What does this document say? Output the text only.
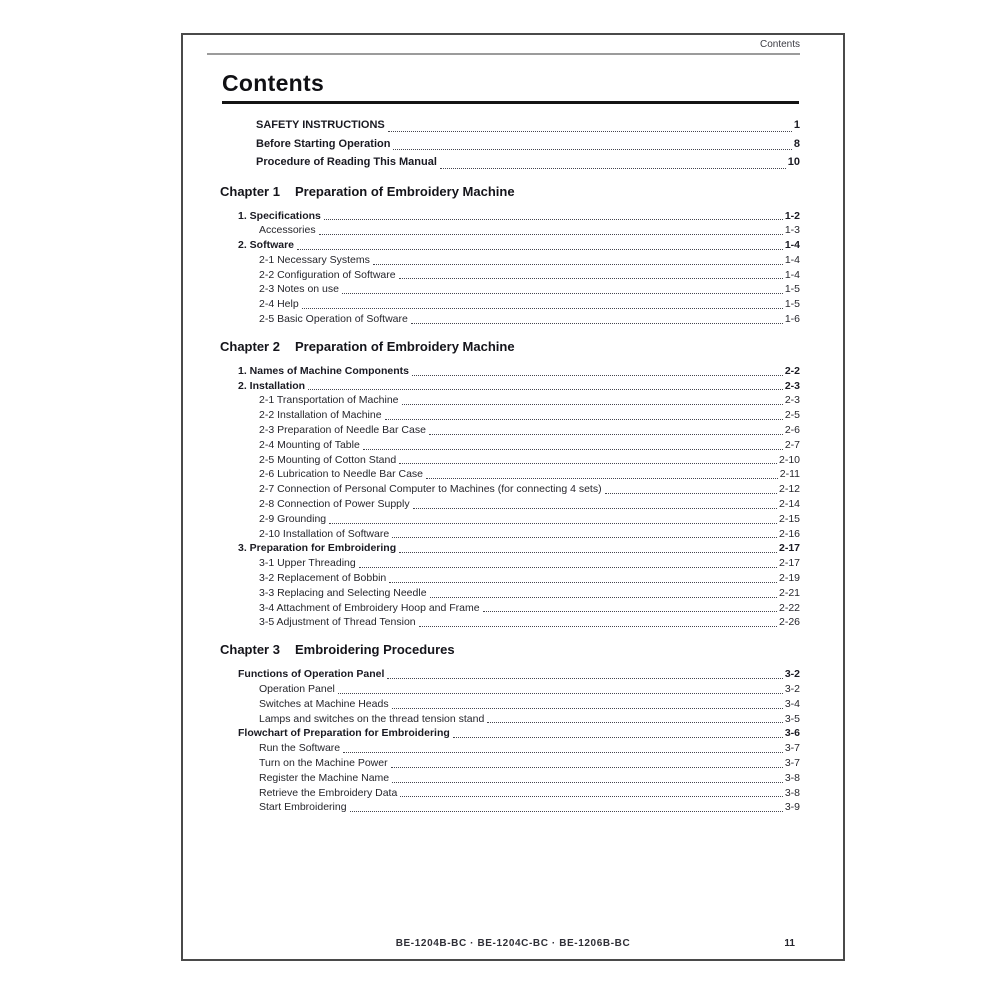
Contents
Contents
SAFETY INSTRUCTIONS	1
Before Starting Operation	8
Procedure of Reading This Manual	10
Chapter 1 Preparation of Embroidery Machine
1. Specifications	1-2
Accessories	1-3
2. Software	1-4
2-1 Necessary Systems	1-4
2-2 Configuration of Software	1-4
2-3 Notes on use	1-5
2-4 Help	1-5
2-5 Basic Operation of Software	1-6
Chapter 2 Preparation of Embroidery Machine
1. Names of Machine Components	2-2
2. Installation	2-3
2-1 Transportation of Machine	2-3
2-2 Installation of Machine	2-5
2-3 Preparation of Needle Bar Case	2-6
2-4 Mounting of Table	2-7
2-5 Mounting of Cotton Stand	2-10
2-6 Lubrication to Needle Bar Case	2-11
2-7 Connection of Personal Computer to Machines (for connecting 4 sets)	2-12
2-8 Connection of Power Supply	2-14
2-9 Grounding	2-15
2-10 Installation of Software	2-16
3. Preparation for Embroidering	2-17
3-1 Upper Threading	2-17
3-2 Replacement of Bobbin	2-19
3-3 Replacing and Selecting Needle	2-21
3-4 Attachment of Embroidery Hoop and Frame	2-22
3-5 Adjustment of Thread Tension	2-26
Chapter 3 Embroidering Procedures
Functions of Operation Panel	3-2
Operation Panel	3-2
Switches at Machine Heads	3-4
Lamps and switches on the thread tension stand	3-5
Flowchart of Preparation for Embroidering	3-6
Run the Software	3-7
Turn on the Machine Power	3-7
Register the Machine Name	3-8
Retrieve the Embroidery Data	3-8
Start Embroidering	3-9
BE-1204B-BC · BE-1204C-BC · BE-1206B-BC	11
